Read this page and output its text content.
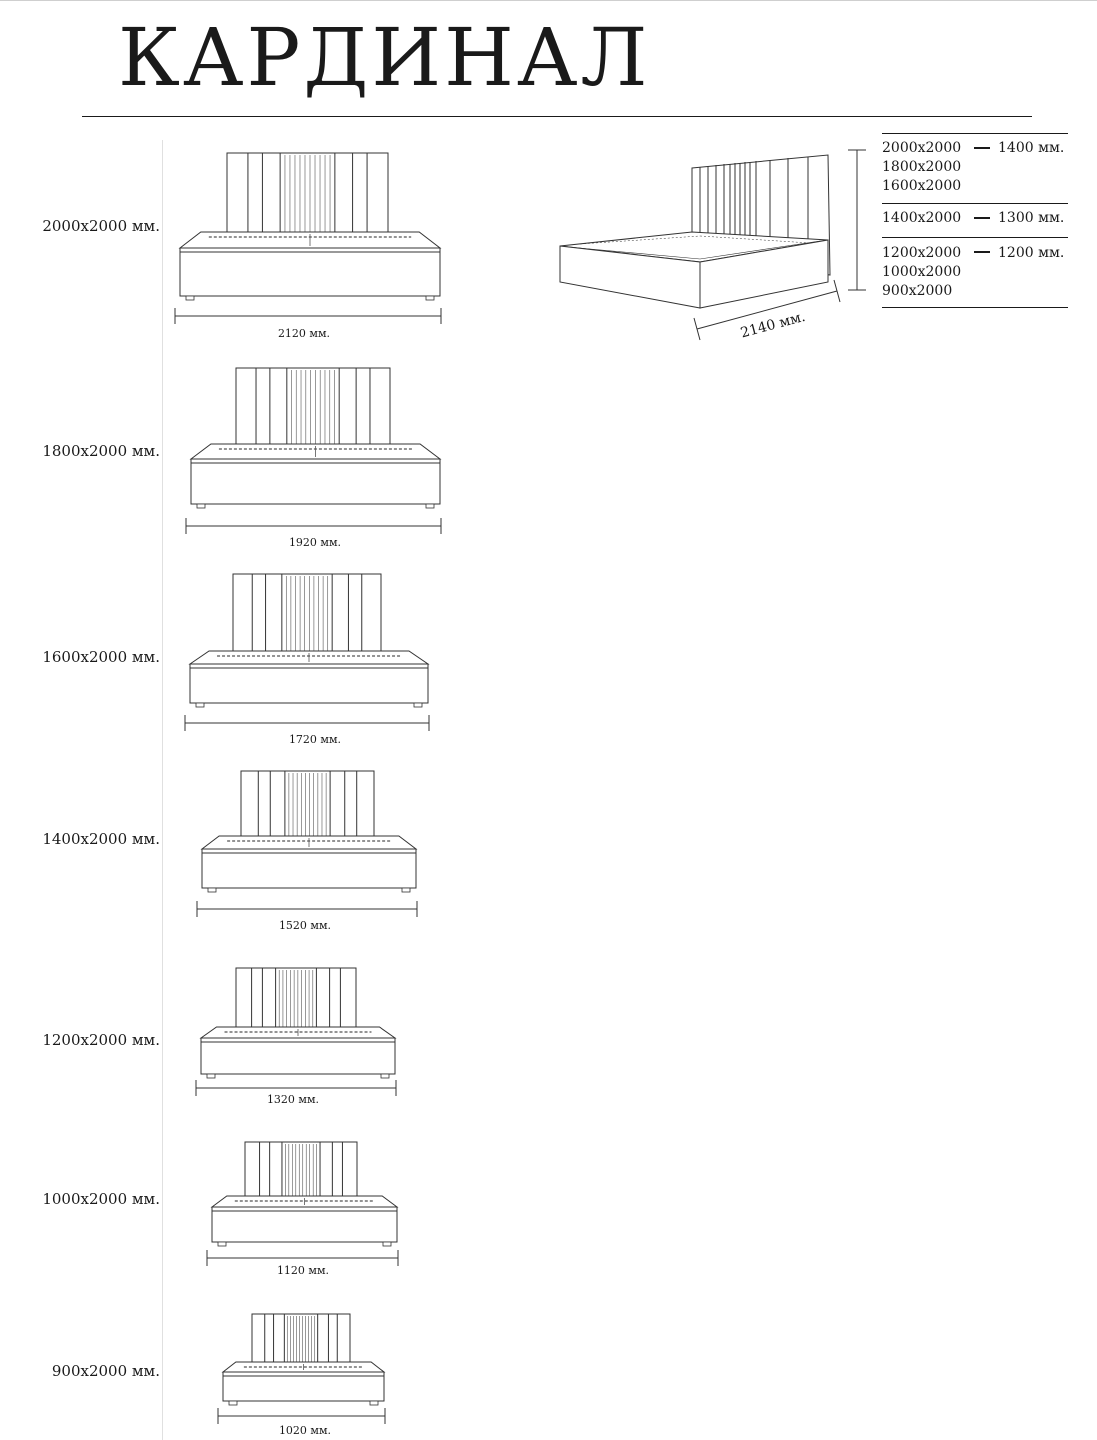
КАРДИНАЛ
2000x2000 мм.
1800x2000 мм.
1600x2000 мм.
1400x2000 мм.
1200x2000 мм.
1000x2000 мм.
900x2000 мм.
2120 мм.
1920 мм.
1720 мм.
1520 мм.
1320 мм.
1120 мм.
1020 мм.
2140 мм.
2000x2000
1800x2000
1600x2000
1400 мм.
1400x2000	1300 мм.
1200x2000
1000x2000
900x2000
1200 мм.
